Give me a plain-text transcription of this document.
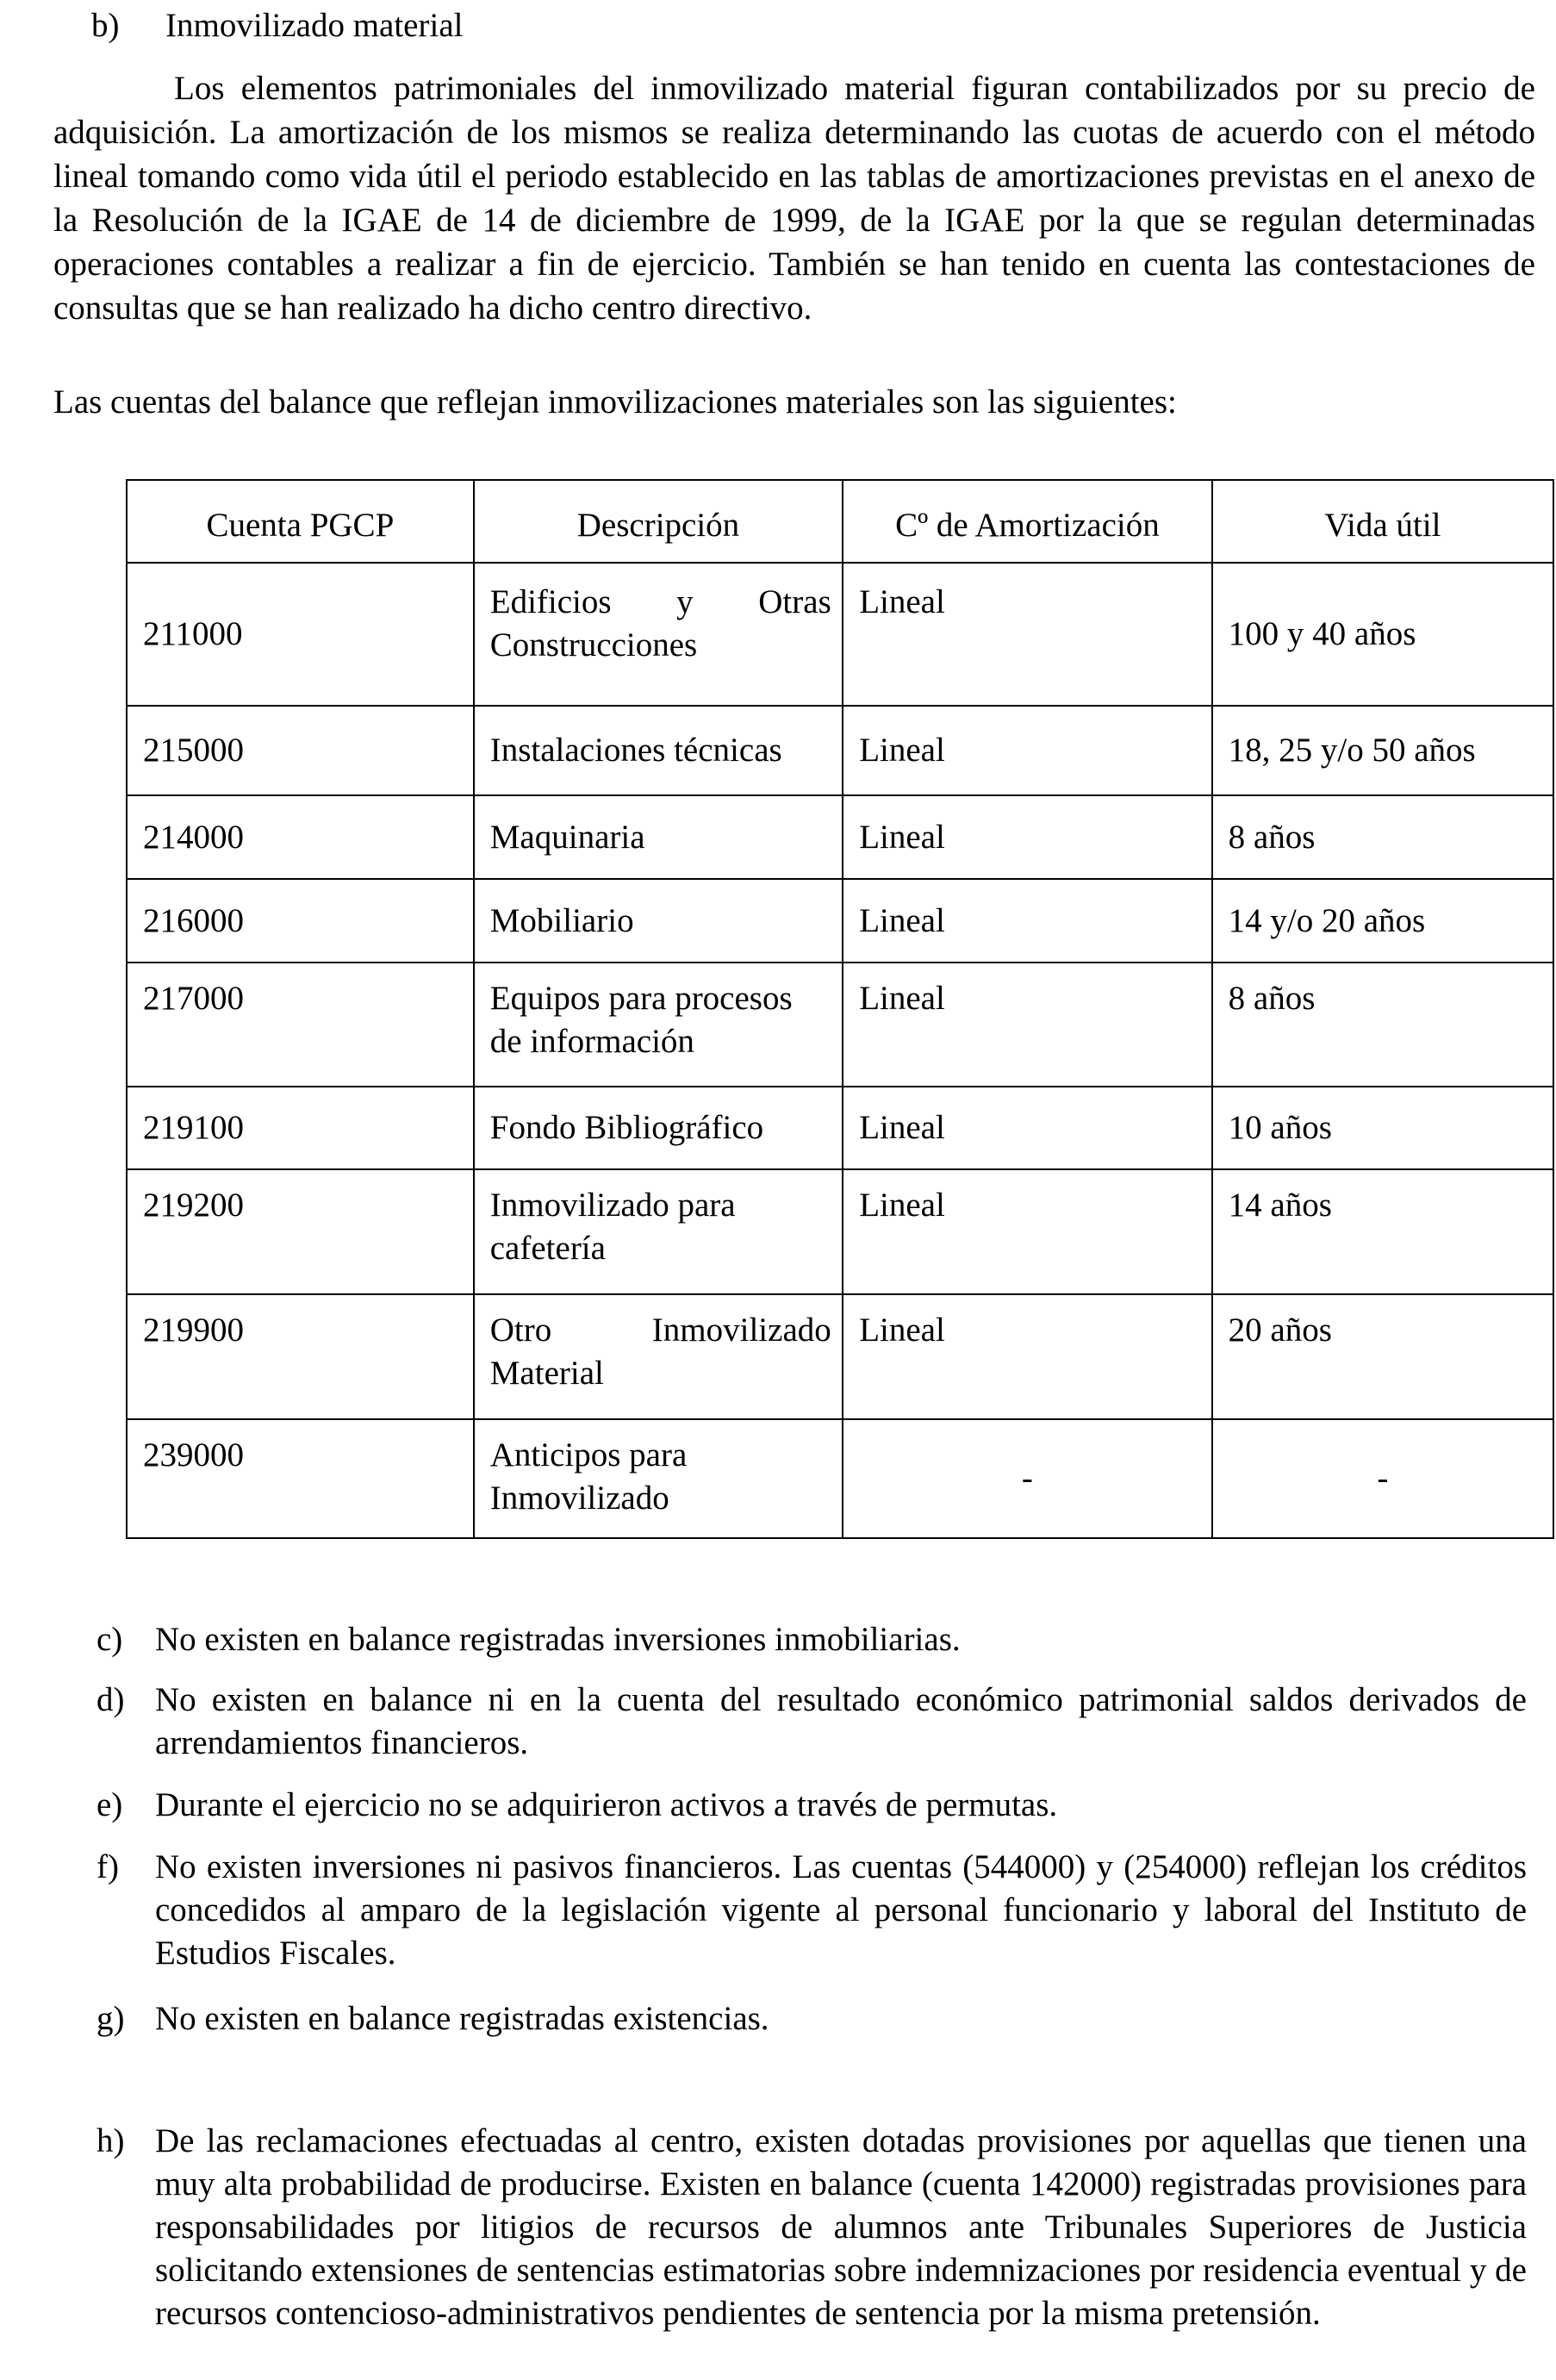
b) Inmovilizado material
Los elementos patrimoniales del inmovilizado material figuran contabilizados por su precio de adquisición. La amortización de los mismos se realiza determinando las cuotas de acuerdo con el método lineal tomando como vida útil el periodo establecido en las tablas de amortizaciones previstas en el anexo de la Resolución de la IGAE de 14 de diciembre de 1999, de la IGAE por la que se regulan determinadas operaciones contables a realizar a fin de ejercicio. También se han tenido en cuenta las contestaciones de consultas que se han realizado ha dicho centro directivo.
Las cuentas del balance que reflejan inmovilizaciones materiales son las siguientes:
Cuenta PGCP	Descripción	Cº de Amortización	Vida útil
211000	Edificios y Otras Construcciones	Lineal	100 y 40 años
215000	Instalaciones técnicas	Lineal	18, 25 y/o 50 años
214000	Maquinaria	Lineal	8 años
216000	Mobiliario	Lineal	14 y/o 20 años
217000	Equipos para procesos de información	Lineal	8 años
219100	Fondo Bibliográfico	Lineal	10 años
219200	Inmovilizado para cafetería	Lineal	14 años
219900	Otro Inmovilizado Material	Lineal	20 años
239000	Anticipos para Inmovilizado	-	-
c) No existen en balance registradas inversiones inmobiliarias.
d) No existen en balance ni en la cuenta del resultado económico patrimonial saldos derivados de arrendamientos financieros.
e) Durante el ejercicio no se adquirieron activos a través de permutas.
f)	No existen inversiones ni pasivos financieros. Las cuentas (544000) y (254000) reflejan los créditos concedidos al amparo de la legislación vigente al personal funcionario y laboral del Instituto de Estudios Fiscales.
g) No existen en balance registradas existencias.
h) De las reclamaciones efectuadas al centro, existen dotadas provisiones por aquellas que tienen una muy alta probabilidad de producirse. Existen en balance (cuenta 142000) registradas provisiones para responsabilidades por litigios de recursos de alumnos ante Tribunales Superiores de Justicia solicitando extensiones de sentencias estimatorias sobre indemnizaciones por residencia eventual y de recursos contencioso-administrativos pendientes de sentencia por la misma pretensión.
